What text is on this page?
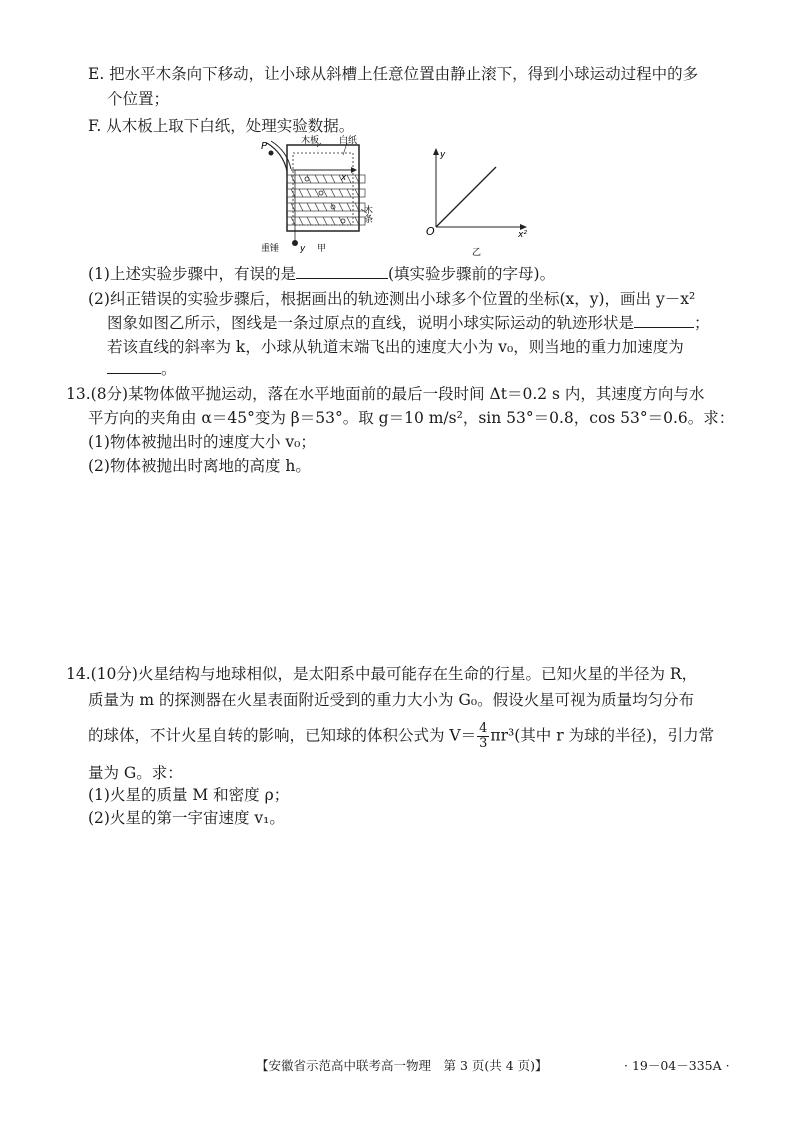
E. 把水平木条向下移动，让小球从斜槽上任意位置由静止滚下，得到小球运动过程中的多
个位置；
F. 从木板上取下白纸，处理实验数据。
木板 白纸
P
x
木条
重锤 y 甲
y
O	x²
乙
(1)上述实验步骤中，有误的是	(填实验步骤前的字母)。
(2)纠正错误的实验步骤后，根据画出的轨迹测出小球多个位置的坐标(x，y)，画出 y－x²
图象如图乙所示，图线是一条过原点的直线，说明小球实际运动的轨迹形状是	；
若该直线的斜率为 k，小球从轨道末端飞出的速度大小为 v₀，则当地的重力加速度为
。
13.(8分)某物体做平抛运动，落在水平地面前的最后一段时间 Δt＝0.2 s 内，其速度方向与水
平方向的夹角由 α＝45°变为 β＝53°。取 g＝10 m/s²，sin 53°＝0.8，cos 53°＝0.6。求：
(1)物体被抛出时的速度大小 v₀；
(2)物体被抛出时离地的高度 h。
14.(10分)火星结构与地球相似，是太阳系中最可能存在生命的行星。已知火星的半径为 R，
质量为 m 的探测器在火星表面附近受到的重力大小为 G₀。假设火星可视为质量均匀分布
的球体，不计火星自转的影响，已知球的体积公式为 $V= \frac{4}{3} \pi r^3$(其中 r 为球的半径)，引力常
量为 G。求：
(1)火星的质量 M 和密度 ρ；
(2)火星的第一宇宙速度 v₁。
【安徽省示范高中联考高一物理　第 3 页(共 4 页)】	· 19－04－335A ·
